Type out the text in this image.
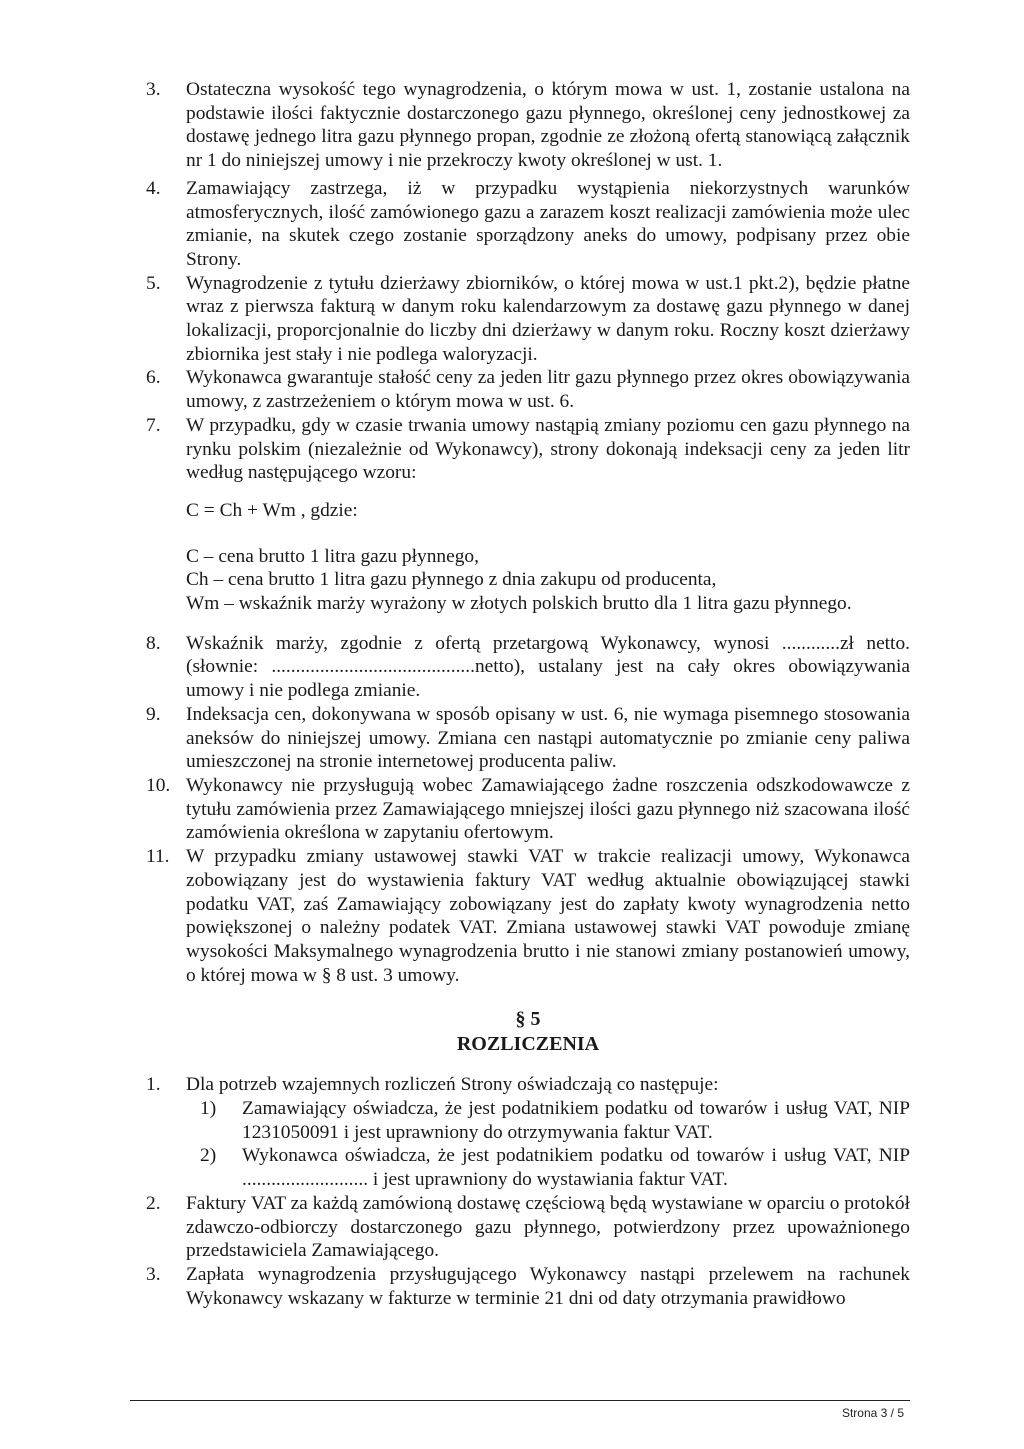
3.	Ostateczna wysokość tego wynagrodzenia, o którym mowa w ust. 1, zostanie ustalona na podstawie ilości faktycznie dostarczonego gazu płynnego, określonej ceny jednostkowej za dostawę jednego litra gazu płynnego propan, zgodnie ze złożoną ofertą stanowiącą załącznik nr 1 do niniejszej umowy i nie przekroczy kwoty określonej w ust. 1.
4.	Zamawiający zastrzega, iż w przypadku wystąpienia niekorzystnych warunków atmosferycznych, ilość zamówionego gazu a zarazem koszt realizacji zamówienia może ulec zmianie, na skutek czego zostanie sporządzony aneks do umowy, podpisany przez obie Strony.
5.	Wynagrodzenie z tytułu dzierżawy zbiorników, o której mowa w ust.1 pkt.2), będzie płatne wraz z pierwsza fakturą w danym roku kalendarzowym za dostawę gazu płynnego w danej lokalizacji, proporcjonalnie do liczby dni dzierżawy w danym roku. Roczny koszt dzierżawy zbiornika jest stały i nie podlega waloryzacji.
6.	Wykonawca gwarantuje stałość ceny za jeden litr gazu płynnego przez okres obowiązywania umowy, z zastrzeżeniem o którym mowa w ust. 6.
7.	W przypadku, gdy w czasie trwania umowy nastąpią zmiany poziomu cen gazu płynnego na rynku polskim (niezależnie od Wykonawcy), strony dokonają indeksacji ceny za jeden litr według następującego wzoru:
C = Ch + Wm , gdzie:
C – cena brutto 1 litra gazu płynnego,
Ch – cena brutto 1 litra gazu płynnego z dnia zakupu od producenta,
Wm – wskaźnik marży wyrażony w złotych polskich brutto dla 1 litra gazu płynnego.
8.	Wskaźnik marży, zgodnie z ofertą przetargową Wykonawcy, wynosi ............zł netto. (słownie: ..........................................netto), ustalany jest na cały okres obowiązywania umowy i nie podlega zmianie.
9.	Indeksacja cen, dokonywana w sposób opisany w ust. 6, nie wymaga pisemnego stosowania aneksów do niniejszej umowy. Zmiana cen nastąpi automatycznie po zmianie ceny paliwa umieszczonej na stronie internetowej producenta paliw.
10. Wykonawcy nie przysługują wobec Zamawiającego żadne roszczenia odszkodowawcze z tytułu zamówienia przez Zamawiającego mniejszej ilości gazu płynnego niż szacowana ilość zamówienia określona w zapytaniu ofertowym.
11. W przypadku zmiany ustawowej stawki VAT w trakcie realizacji umowy, Wykonawca zobowiązany jest do wystawienia faktury VAT według aktualnie obowiązującej stawki podatku VAT, zaś Zamawiający zobowiązany jest do zapłaty kwoty wynagrodzenia netto powiększonej o należny podatek VAT. Zmiana ustawowej stawki VAT powoduje zmianę wysokości Maksymalnego wynagrodzenia brutto i nie stanowi zmiany postanowień umowy, o której mowa w § 8 ust. 3 umowy.
§ 5
ROZLICZENIA
1.	Dla potrzeb wzajemnych rozliczeń Strony oświadczają co następuje:
1)	Zamawiający oświadcza, że jest podatnikiem podatku od towarów i usług VAT, NIP 1231050091 i jest uprawniony do otrzymywania faktur VAT.
2)	Wykonawca oświadcza, że jest podatnikiem podatku od towarów i usług VAT, NIP .......................... i jest uprawniony do wystawiania faktur VAT.
2.	Faktury VAT za każdą zamówioną dostawę częściową będą wystawiane w oparciu o protokół zdawczo-odbiorczy dostarczonego gazu płynnego, potwierdzony przez upoważnionego przedstawiciela Zamawiającego.
3.	Zapłata wynagrodzenia przysługującego Wykonawcy nastąpi przelewem na rachunek Wykonawcy wskazany w fakturze w terminie 21 dni od daty otrzymania prawidłowo
Strona 3 / 5
